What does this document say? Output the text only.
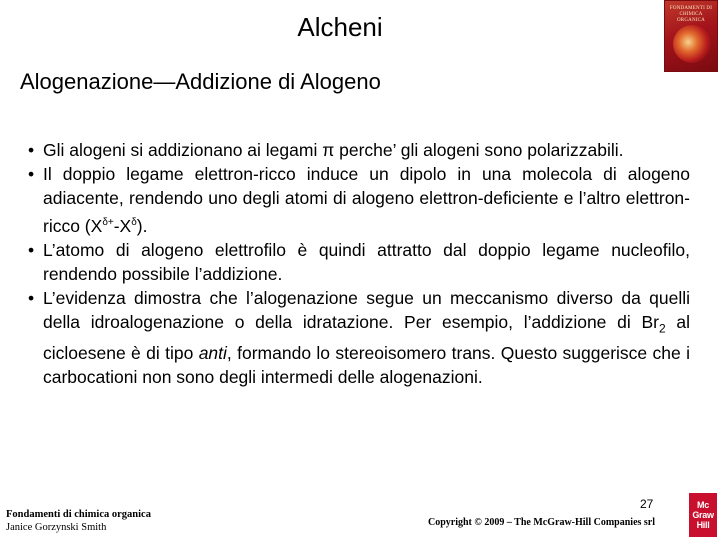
Alcheni
FONDAMENTI DI CHIMICA ORGANICA
Alogenazione—Addizione di Alogeno
• Gli alogeni si addizionano ai legami π perche’ gli alogeni sono polarizzabili.
• Il doppio legame elettron-ricco induce un dipolo in una molecola di alogeno adiacente, rendendo uno degli atomi di alogeno elettron-deficiente e l’altro elettron-ricco $(X^{\delta+}-X^\delta)$.
• L’atomo di alogeno elettrofilo è quindi attratto dal doppio legame nucleofilo, rendendo possibile l’addizione.
• L’evidenza dimostra che l’alogenazione segue un meccanismo diverso da quelli della idroalogenazione o della idratazione. Per esempio, l’addizione di $Br_2$ al cicloesene è di tipo anti, formando lo stereoisomero trans. Questo suggerisce che i carbocationi non sono degli intermedi delle alogenazioni.
Fondamenti di chimica organica
Janice Gorzynski Smith
27
Copyright © 2009 – The McGraw-Hill Companies srl
Mc
Graw
Hill
